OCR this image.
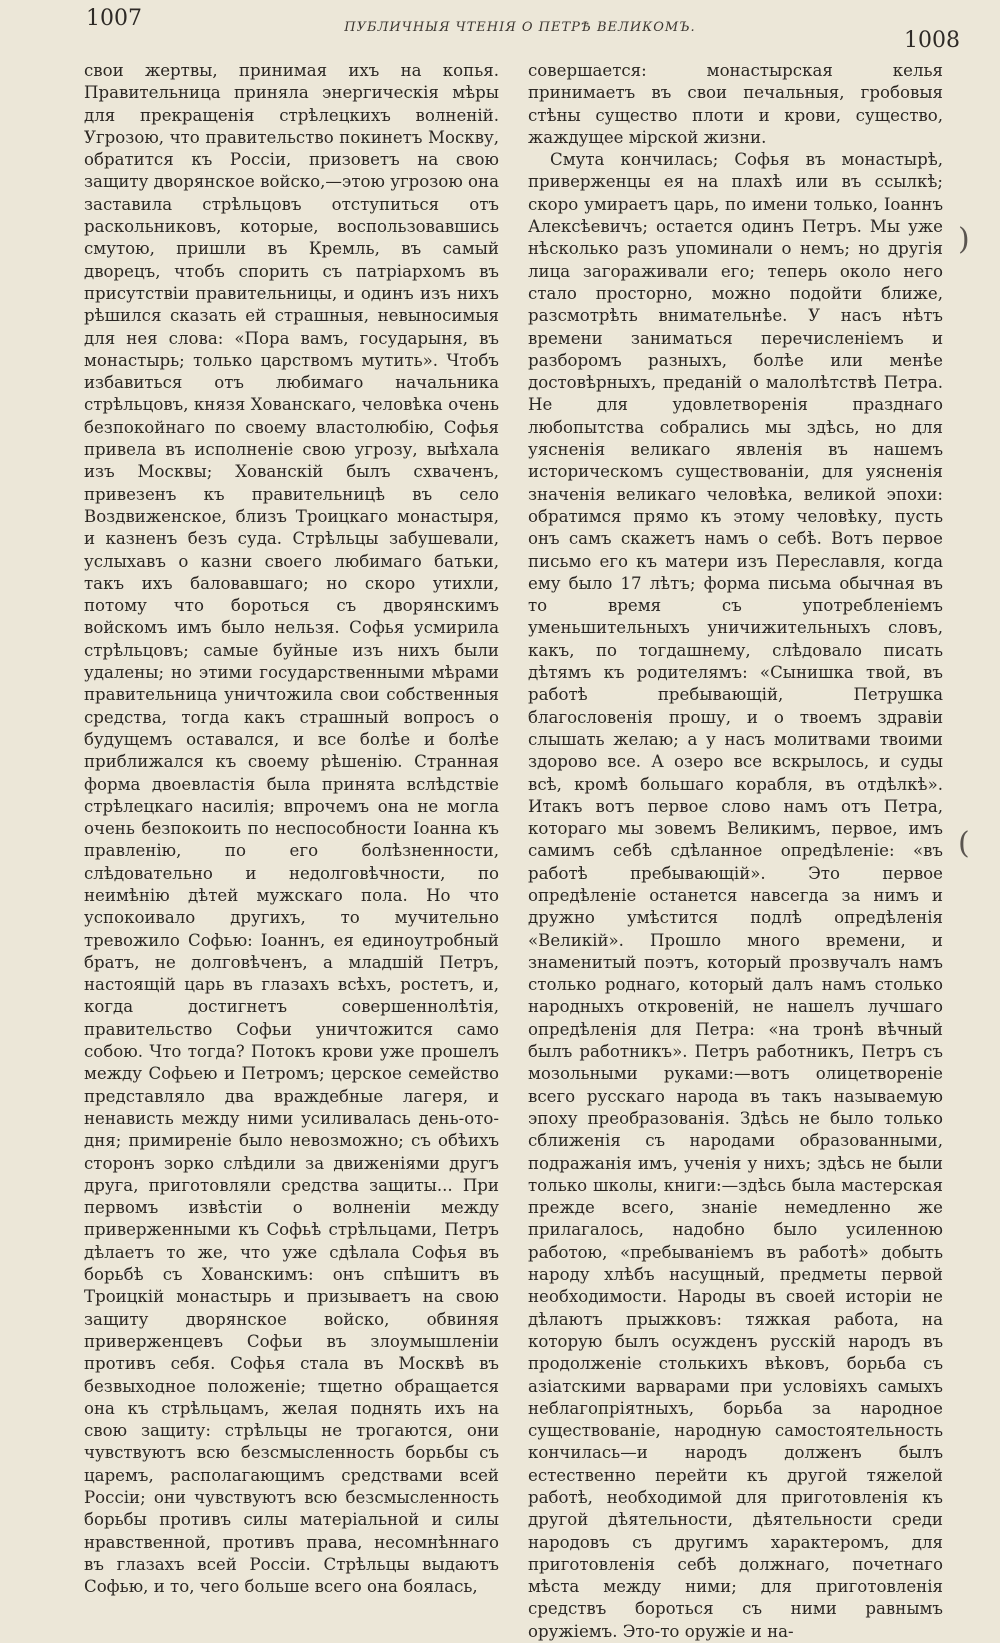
1007	ПУБЛИЧНЫЯ ЧТЕНІЯ О ПЕТРѢ ВЕЛИКОМЪ.
1008

свои жертвы, принимая ихъ на копья. Правительница приняла энергическія мѣры для прекращенія стрѣлецкихъ волненій. Угрозою, что правительство покинетъ Москву, обратится къ Россіи, призоветъ на свою защиту дворянское войско,—этою угрозою она заставила стрѣльцовъ отступиться отъ раскольниковъ, которые, воспользовавшись смутою, пришли въ Кремль, въ самый дворецъ, чтобъ спорить съ патріархомъ въ присутствіи правительницы, и одинъ изъ нихъ рѣшился сказать ей страшныя, невыносимыя для нея слова: «Пора вамъ, государыня, въ монастырь; только царствомъ мутить». Чтобъ избавиться отъ любимаго начальника стрѣльцовъ, князя Хованскаго, человѣка очень безпокойнаго по своему властолюбію, Софья привела въ исполненіе свою угрозу, выѣхала изъ Москвы; Хованскій былъ схваченъ, привезенъ къ правительницѣ въ село Воздвиженское, близъ Троицкаго монастыря, и казненъ безъ суда. Стрѣльцы забушевали, услыхавъ о казни своего любимаго батьки, такъ ихъ баловавшаго; но скоро утихли, потому что бороться съ дворянскимъ войскомъ имъ было нельзя. Софья усмирила стрѣльцовъ; самые буйные изъ нихъ были удалены; но этими государственными мѣрами правительница уничтожила свои собственныя средства, тогда какъ страшный вопросъ о будущемъ оставался, и все болѣе и болѣе приближался къ своему рѣшенію. Странная форма двоевластія была принята вслѣдствіе стрѣлецкаго насилія; впрочемъ она не могла очень безпокоить по неспособности Іоанна къ правленію, по его болѣзненности, слѣдовательно и недолговѣчности, по неимѣнію дѣтей мужскаго пола. Но что успокоивало другихъ, то мучительно тревожило Софью: Іоаннъ, ея единоутробный братъ, не долговѣченъ, а младшій Петръ, настоящій царь въ глазахъ всѣхъ, ростетъ, и, когда достигнетъ совершеннолѣтія, правительство Софьи уничтожится само собою. Что тогда? Потокъ крови уже прошелъ между Софьею и Петромъ; церское семейство представляло два враждебные лагеря, и ненависть между ними усиливалась день-ото-дня; примиреніе было невозможно; съ обѣихъ сторонъ зорко слѣдили за движеніями другъ друга, приготовляли средства защиты... При первомъ извѣстіи о волненіи между приверженными къ Софьѣ стрѣльцами, Петръ дѣлаетъ то же, что уже сдѣлала Софья въ борьбѣ съ Хованскимъ: онъ спѣшитъ въ Троицкій монастырь и призываетъ на свою защиту дворянское войско, обвиняя приверженцевъ Софьи въ злоумышленіи противъ себя. Софья стала въ Москвѣ въ безвыходное положеніе; тщетно обращается она къ стрѣльцамъ, желая поднять ихъ на свою защиту: стрѣльцы не трогаются, они чувствуютъ всю безсмысленность борьбы съ царемъ, располагающимъ средствами всей Россіи; они чувствуютъ всю безсмысленность борьбы противъ силы матеріальной и силы нравственной, противъ права, несомнѣннаго въ глазахъ всей Россіи. Стрѣльцы выдаютъ Софью, и то, чего больше всего она боялась,

совершается: монастырская келья принимаетъ въ свои печальныя, гробовыя стѣны существо плоти и крови, существо, жаждущее мірской жизни.

Смута кончилась; Софья въ монастырѣ, приверженцы ея на плахѣ или въ ссылкѣ; скоро умираетъ царь, по имени только, Іоаннъ Алексѣевичъ; остается одинъ Петръ. Мы уже нѣсколько разъ упоминали о немъ; но другія лица загораживали его; теперь около него стало просторно, можно подойти ближе, разсмотрѣть внимательнѣе. У насъ нѣтъ времени заниматься перечисленіемъ и разборомъ разныхъ, болѣе или менѣе достовѣрныхъ, преданій о малолѣтствѣ Петра. Не для удовлетворенія празднаго любопытства собрались мы здѣсь, но для уясненія великаго явленія въ нашемъ историческомъ существованіи, для уясненія значенія великаго человѣка, великой эпохи: обратимся прямо къ этому человѣку, пусть онъ самъ скажетъ намъ о себѣ. Вотъ первое письмо его къ матери изъ Переславля, когда ему было 17 лѣтъ; форма письма обычная въ то время съ употребленіемъ уменьшительныхъ уничижительныхъ словъ, какъ, по тогдашнему, слѣдовало писать дѣтямъ къ родителямъ: «Сынишка твой, въ работѣ пребывающій, Петрушка благословенія прошу, и о твоемъ здравіи слышать желаю; а у насъ молитвами твоими здорово все. А озеро все вскрылось, и суды всѣ, кромѣ большаго корабля, въ отдѣлкѣ». Итакъ вотъ первое слово намъ отъ Петра, котораго мы зовемъ Великимъ, первое, имъ самимъ себѣ сдѣланное опредѣленіе: «въ работѣ пребывающій». Это первое опредѣленіе останется навсегда за нимъ и дружно умѣстится подлѣ опредѣленія «Великій». Прошло много времени, и знаменитый поэтъ, который прозвучалъ намъ столько роднаго, который далъ намъ столько народныхъ откровеній, не нашелъ лучшаго опредѣленія для Петра: «на тронѣ вѣчный былъ работникъ». Петръ работникъ, Петръ съ мозольными руками:—вотъ олицетвореніе всего русскаго народа въ такъ называемую эпоху преобразованія. Здѣсь не было только сближенія съ народами образованными, подражанія имъ, ученія у нихъ; здѣсь не были только школы, книги:—здѣсь была мастерская прежде всего, знаніе немедленно же прилагалось, надобно было усиленною работою, «пребываніемъ въ работѣ» добыть народу хлѣбъ насущный, предметы первой необходимости. Народы въ своей исторіи не дѣлаютъ прыжковъ: тяжкая работа, на которую былъ осужденъ русскій народъ въ продолженіе столькихъ вѣковъ, борьба съ азіатскими варварами при условіяхъ самыхъ неблагопріятныхъ, борьба за народное существованіе, народную самостоятельность кончилась—и народъ долженъ былъ естественно перейти къ другой тяжелой работѣ, необходимой для приготовленія къ другой дѣятельности, дѣятельности среди народовъ съ другимъ характеромъ, для приготовленія себѣ должнаго, почетнаго мѣста между ними; для приготовленія средствъ бороться съ ними равнымъ оружіемъ. Это-то оружіе и на-

)
(
